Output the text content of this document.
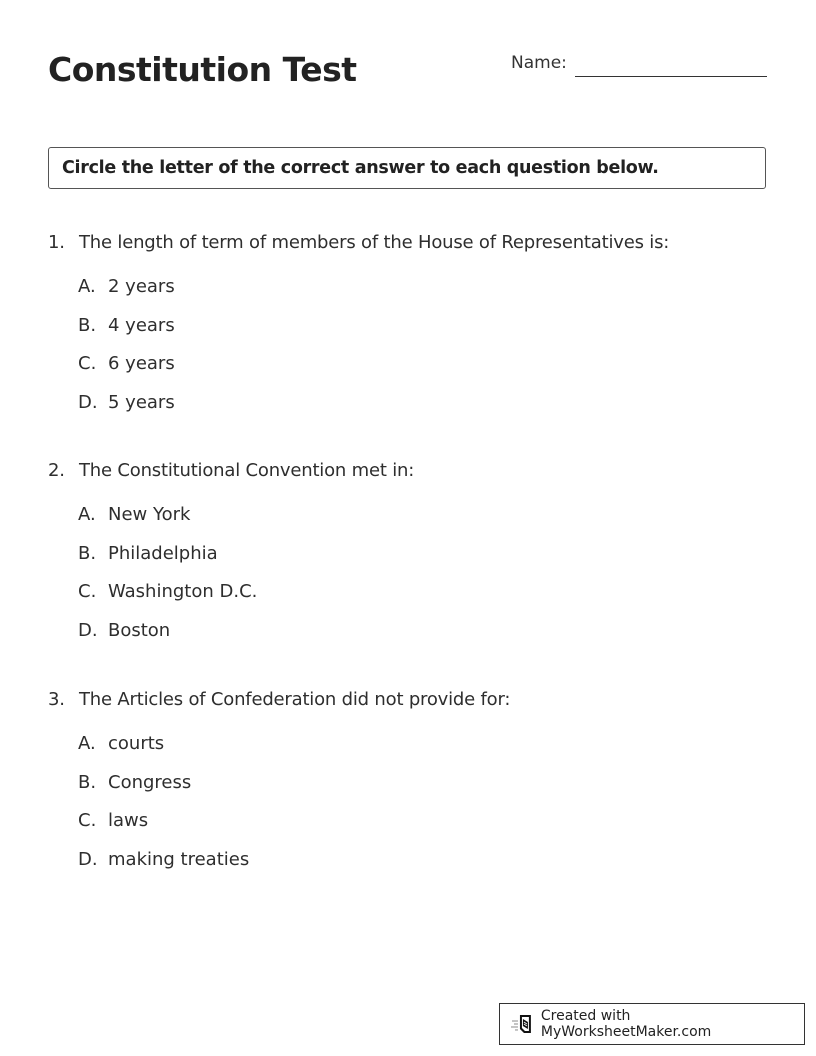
Constitution Test	Name:
Circle the letter of the correct answer to each question below.
1. The length of term of members of the House of Representatives is:
A. 2 years
B. 4 years
C. 6 years
D. 5 years
2. The Constitutional Convention met in:
A. New York
B. Philadelphia
C. Washington D.C.
D. Boston
3. The Articles of Confederation did not provide for:
A. courts
B. Congress
C. laws
D. making treaties
Created with MyWorksheetMaker.com
